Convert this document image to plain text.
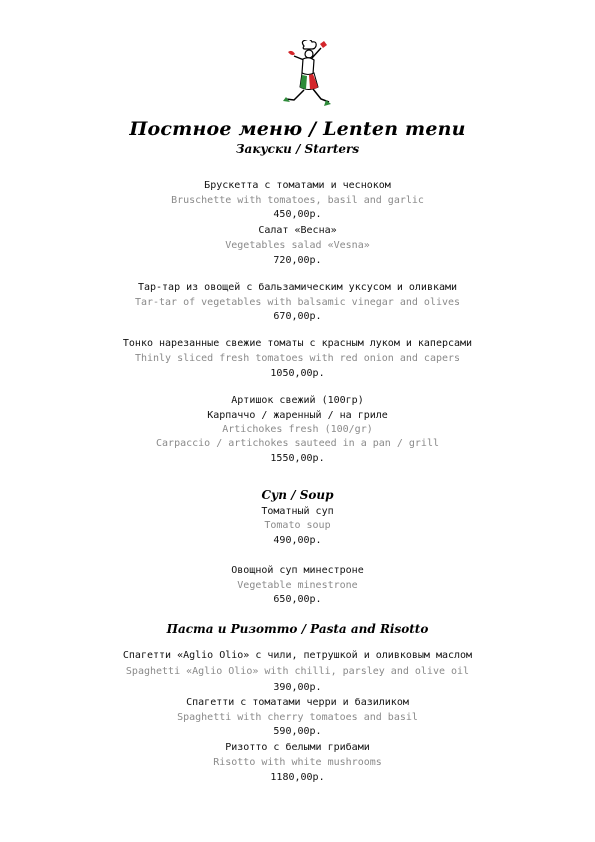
Постное меню / Lenten menu
Закуски / Starters
Брускетта с томатами и чесноком
Bruschette with tomatoes, basil and garlic
450,00р.
Салат «Весна»
Vegetables salad «Vesna»
720,00р.
Тар-тар из овощей с бальзамическим уксусом и оливками
Tar-tar of vegetables with balsamic vinegar and olives
670,00р.
Тонко нарезанные свежие томаты с красным луком и каперсами
Thinly sliced fresh tomatoes with red onion and capers
1050,00р.
Артишок свежий (100гр)
Карпаччо / жаренный / на гриле
Artichokes fresh (100/gr)
Carpaccio / artichokes sauteed in a pan / grill
1550,00р.
Суп / Soup
Томатный суп
Tomato soup
490,00р.
Овощной суп минестроне
Vegetable minestrone
650,00р.
Паста и Ризотто / Pasta and Risotto
Спагетти «Aglio Olio» с чили, петрушкой и оливковым маслом
Spaghetti «Aglio Olio» with chilli, parsley and olive oil
390,00р.
Спагетти с томатами черри и базиликом
Spaghetti with cherry tomatoes and basil
590,00р.
Ризотто с белыми грибами
Risotto with white mushrooms
1180,00р.
